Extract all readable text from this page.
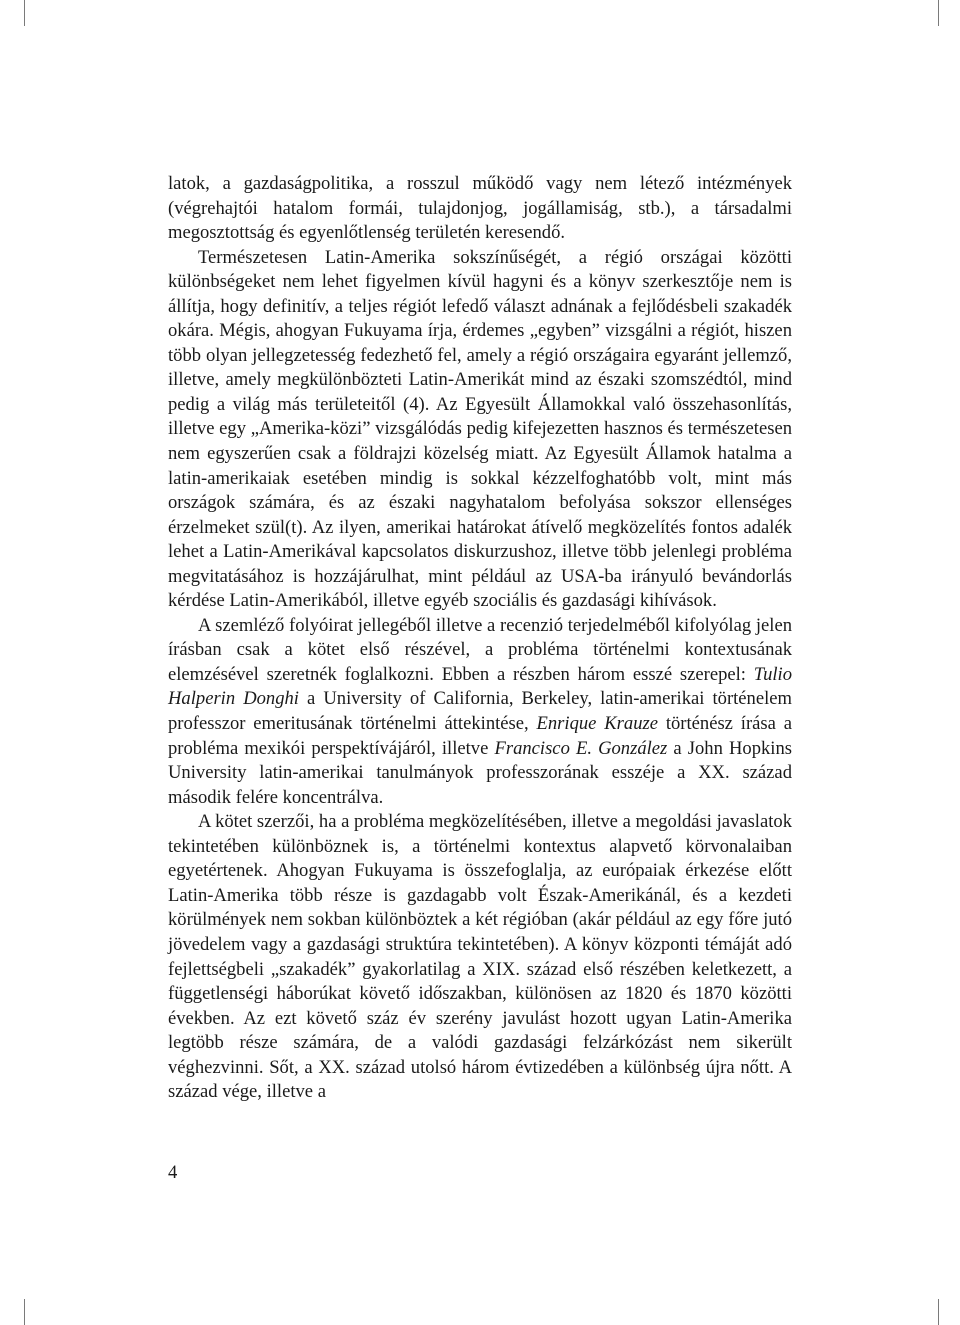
latok, a gazdaságpolitika, a rosszul működő vagy nem létező intézmények (végrehajtói hatalom formái, tulajdonjog, jogállamiság, stb.), a társadalmi megosztottság és egyenlőtlenség területén keresendő.

Természetesen Latin-Amerika sokszínűségét, a régió országai közötti különbségeket nem lehet figyelmen kívül hagyni és a könyv szerkesztője nem is állítja, hogy definitív, a teljes régiót lefedő választ adnának a fejlődésbeli szakadék okára. Mégis, ahogyan Fukuyama írja, érdemes „egyben” vizsgálni a régiót, hiszen több olyan jellegzetesség fedezhető fel, amely a régió országaira egyaránt jellemző, illetve, amely megkülönbözteti Latin-Amerikát mind az északi szomszédtól, mind pedig a világ más területeitől (4). Az Egyesült Államokkal való összehasonlítás, illetve egy „Amerika-közi” vizsgálódás pedig kifejezetten hasznos és természetesen nem egyszerűen csak a földrajzi közelség miatt. Az Egyesült Államok hatalma a latin-amerikaiak esetében mindig is sokkal kézzelfoghatóbb volt, mint más országok számára, és az északi nagyhatalom befolyása sokszor ellenséges érzelmeket szül(t). Az ilyen, amerikai határokat átívelő megközelítés fontos adalék lehet a Latin-Amerikával kapcsolatos diskurzushoz, illetve több jelenlegi probléma megvitatásához is hozzájárulhat, mint például az USA-ba irányuló bevándorlás kérdése Latin-Amerikából, illetve egyéb szociális és gazdasági kihívások.

A szemléző folyóirat jellegéből illetve a recenzió terjedelméből kifolyólag jelen írásban csak a kötet első részével, a probléma történelmi kontextusának elemzésével szeretnék foglalkozni. Ebben a részben három esszé szerepel: Tulio Halperin Donghi a University of California, Berkeley, latin-amerikai történelem professzor emeritusának történelmi áttekintése, Enrique Krauze történész írása a probléma mexikói perspektívájáról, illetve Francisco E. González a John Hopkins University latin-amerikai tanulmányok professzorának esszéje a XX. század második felére koncentrálva.

A kötet szerzői, ha a probléma megközelítésében, illetve a megoldási javaslatok tekintetében különböznek is, a történelmi kontextus alapvető körvonalaiban egyetértenek. Ahogyan Fukuyama is összefoglalja, az európaiak érkezése előtt Latin-Amerika több része is gazdagabb volt Észak-Amerikánál, és a kezdeti körülmények nem sokban különböztek a két régióban (akár például az egy főre jutó jövedelem vagy a gazdasági struktúra tekintetében). A könyv központi témáját adó fejlettségbeli „szakadék” gyakorlatilag a XIX. század első részében keletkezett, a függetlenségi háborúkat követő időszakban, különösen az 1820 és 1870 közötti években. Az ezt követő száz év szerény javulást hozott ugyan Latin-Amerika legtöbb része számára, de a valódi gazdasági felzárkózást nem sikerült véghezvinni. Sőt, a XX. század utolsó három évtizedében a különbség újra nőtt. A század vége, illetve a

4
